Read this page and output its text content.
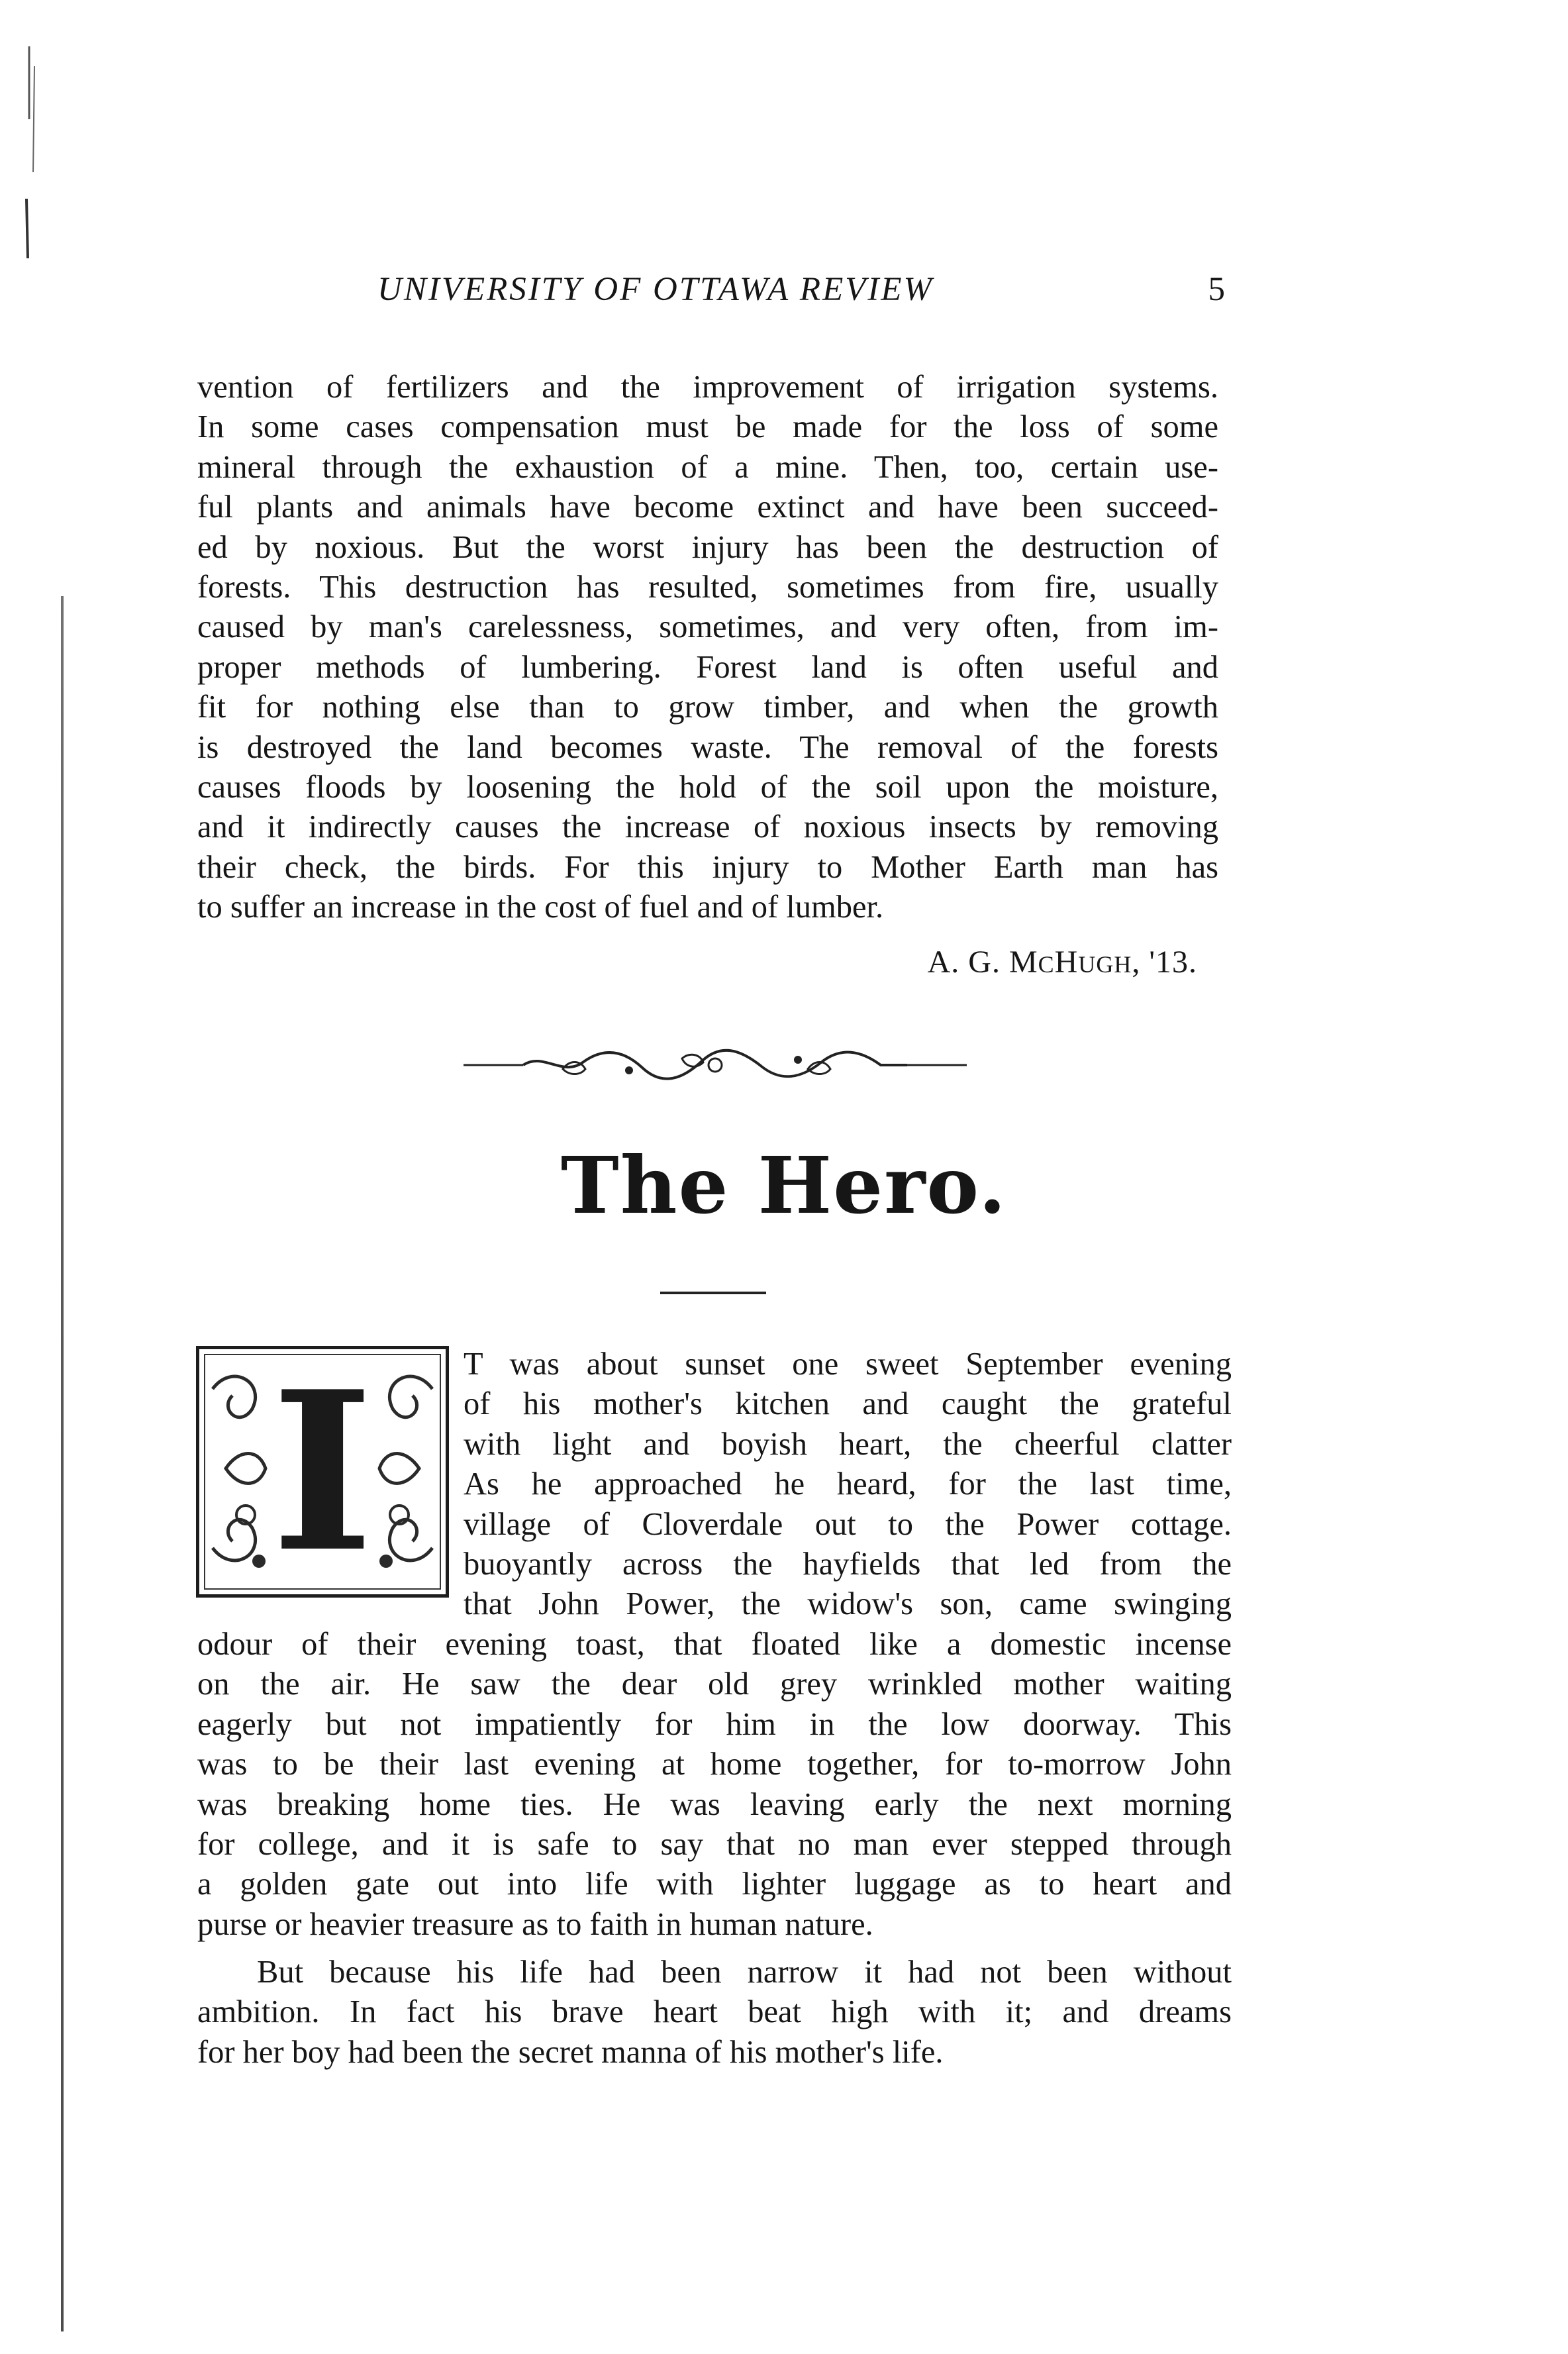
UNIVERSITY OF OTTAWA REVIEW	5

vention of fertilizers and the improvement of irrigation systems.
In some cases compensation must be made for the loss of some
mineral through the exhaustion of a mine. Then, too, certain use-
ful plants and animals have become extinct and have been succeed-
ed by noxious. But the worst injury has been the destruction of
forests. This destruction has resulted, sometimes from fire, usually
caused by man's carelessness, sometimes, and very often, from im-
proper methods of lumbering. Forest land is often useful and
fit for nothing else than to grow timber, and when the growth
is destroyed the land becomes waste. The removal of the forests
causes floods by loosening the hold of the soil upon the moisture,
and it indirectly causes the increase of noxious insects by removing
their check, the birds. For this injury to Mother Earth man has
to suffer an increase in the cost of fuel and of lumber.

A. G. MCHUGH, '13.
The Hero.
I	T was about sunset one sweet September evening
of his mother's kitchen and caught the grateful
with light and boyish heart, the cheerful clatter
As he approached he heard, for the last time,
village of Cloverdale out to the Power cottage.
buoyantly across the hayfields that led from the
that John Power, the widow's son, came swinging

odour of their evening toast, that floated like a domestic incense
on the air. He saw the dear old grey wrinkled mother waiting
eagerly but not impatiently for him in the low doorway. This
was to be their last evening at home together, for to-morrow John
was breaking home ties. He was leaving early the next morning
for college, and it is safe to say that no man ever stepped through
a golden gate out into life with lighter luggage as to heart and
purse or heavier treasure as to faith in human nature.

But because his life had been narrow it had not been without
ambition. In fact his brave heart beat high with it; and dreams
for her boy had been the secret manna of his mother's life.
